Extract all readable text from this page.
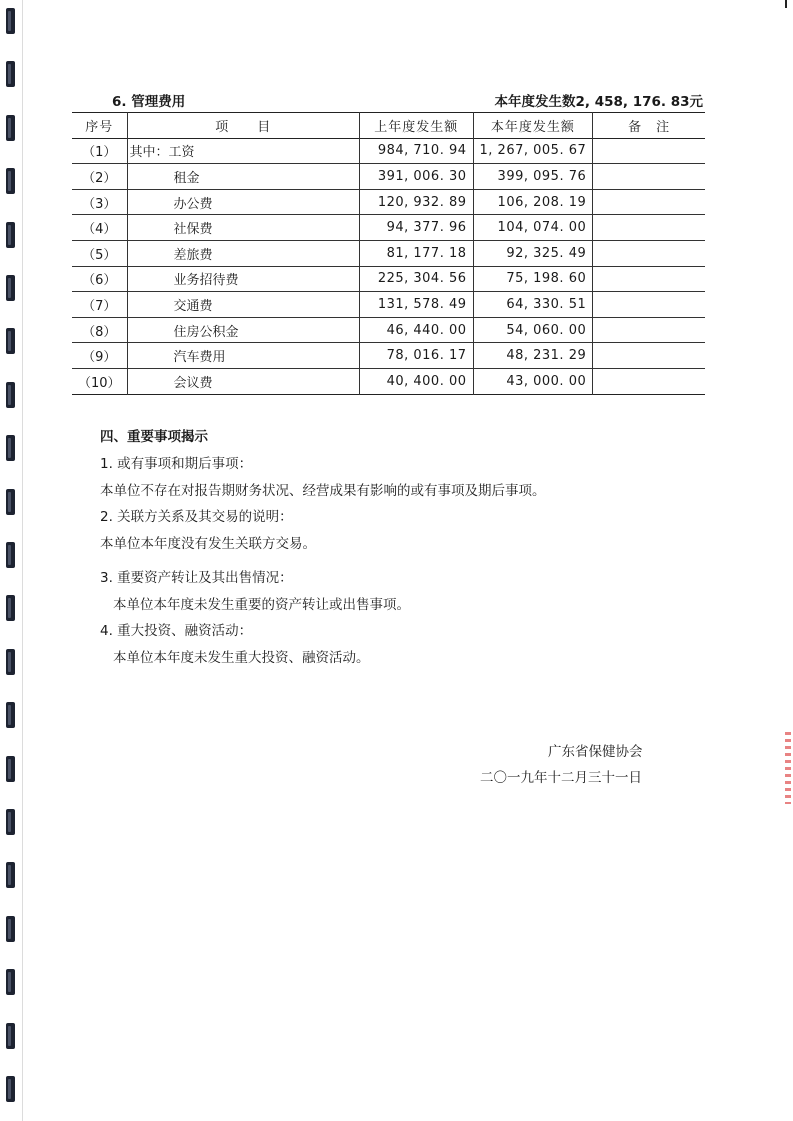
6. 管理费用	本年度发生数2, 458, 176. 83元
序号	项　　目	上年度发生额	本年度发生额	备　注
（1）	其中：工资	984, 710. 94	1, 267, 005. 67	
（2）	租金	391, 006. 30	399, 095. 76	
（3）	办公费	120, 932. 89	106, 208. 19	
（4）	社保费	94, 377. 96	104, 074. 00	
（5）	差旅费	81, 177. 18	92, 325. 49	
（6）	业务招待费	225, 304. 56	75, 198. 60	
（7）	交通费	131, 578. 49	64, 330. 51	
（8）	住房公积金	46, 440. 00	54, 060. 00	
（9）	汽车费用	78, 016. 17	48, 231. 29	
（10）	会议费	40, 400. 00	43, 000. 00	
四、重要事项揭示
1. 或有事项和期后事项：
本单位不存在对报告期财务状况、经营成果有影响的或有事项及期后事项。
2. 关联方关系及其交易的说明：
本单位本年度没有发生关联方交易。
3. 重要资产转让及其出售情况：
本单位本年度未发生重要的资产转让或出售事项。
4. 重大投资、融资活动：
本单位本年度未发生重大投资、融资活动。
广东省保健协会
二〇一九年十二月三十一日
